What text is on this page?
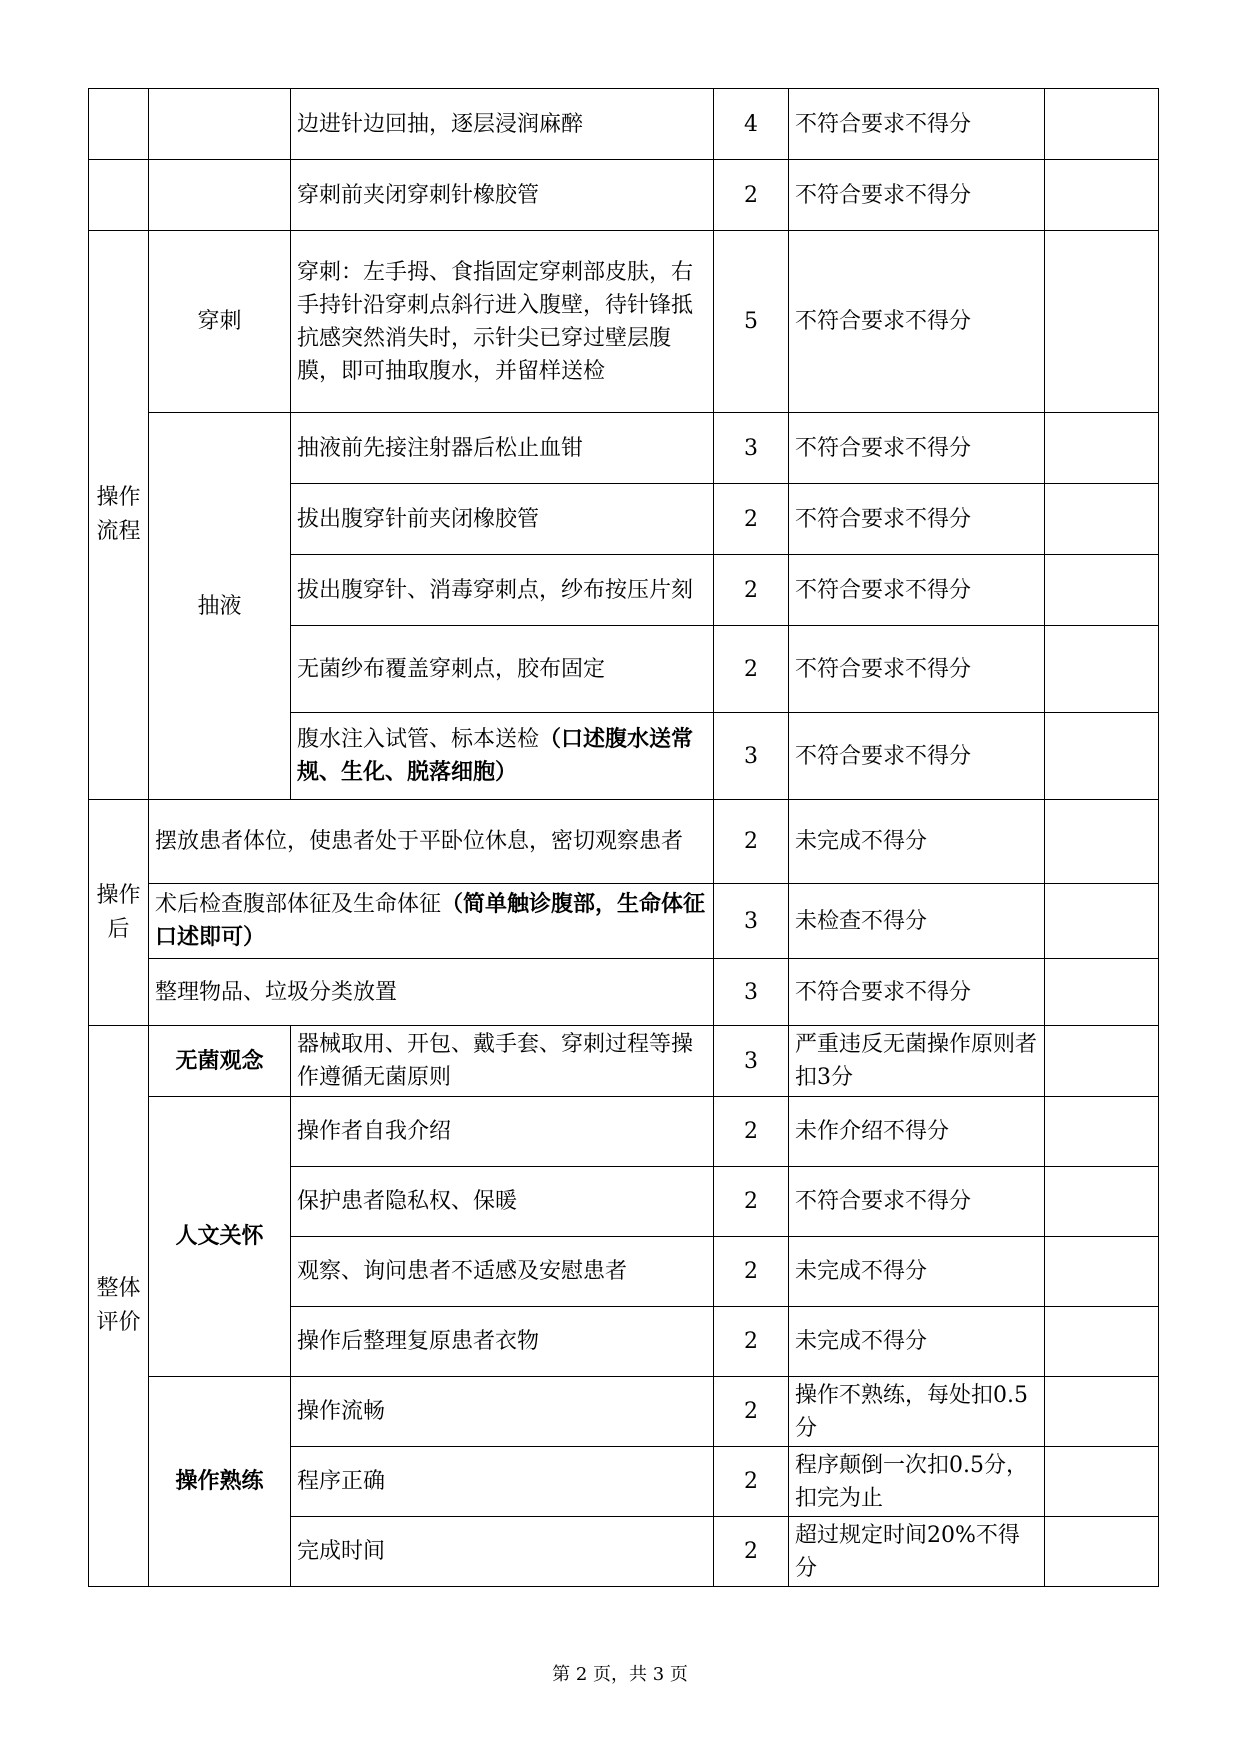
		边进针边回抽，逐层浸润麻醉	4	不符合要求不得分	
		穿刺前夹闭穿刺针橡胶管	2	不符合要求不得分	
操作流程	穿刺	穿刺：左手拇、食指固定穿刺部皮肤，右手持针沿穿刺点斜行进入腹壁，待针锋抵抗感突然消失时，示针尖已穿过壁层腹膜，即可抽取腹水，并留样送检	5	不符合要求不得分	
	抽液	抽液前先接注射器后松止血钳	3	不符合要求不得分	
		拔出腹穿针前夹闭橡胶管	2	不符合要求不得分	
		拔出腹穿针、消毒穿刺点，纱布按压片刻	2	不符合要求不得分	
		无菌纱布覆盖穿刺点，胶布固定	2	不符合要求不得分	
		腹水注入试管、标本送检（口述腹水送常规、生化、脱落细胞）	3	不符合要求不得分	
操作后	摆放患者体位，使患者处于平卧位休息，密切观察患者		2	未完成不得分	
	术后检查腹部体征及生命体征（简单触诊腹部，生命体征口述即可）		3	未检查不得分	
	整理物品、垃圾分类放置		3	不符合要求不得分	
整体评价	无菌观念	器械取用、开包、戴手套、穿刺过程等操作遵循无菌原则	3	严重违反无菌操作原则者扣3分	
	人文关怀	操作者自我介绍	2	未作介绍不得分	
		保护患者隐私权、保暖	2	不符合要求不得分	
		观察、询问患者不适感及安慰患者	2	未完成不得分	
		操作后整理复原患者衣物	2	未完成不得分	
	操作熟练	操作流畅	2	操作不熟练，每处扣0.5分	
		程序正确	2	程序颠倒一次扣0.5分，扣完为止	
		完成时间	2	超过规定时间20%不得分	
第 2 页，共 3 页
